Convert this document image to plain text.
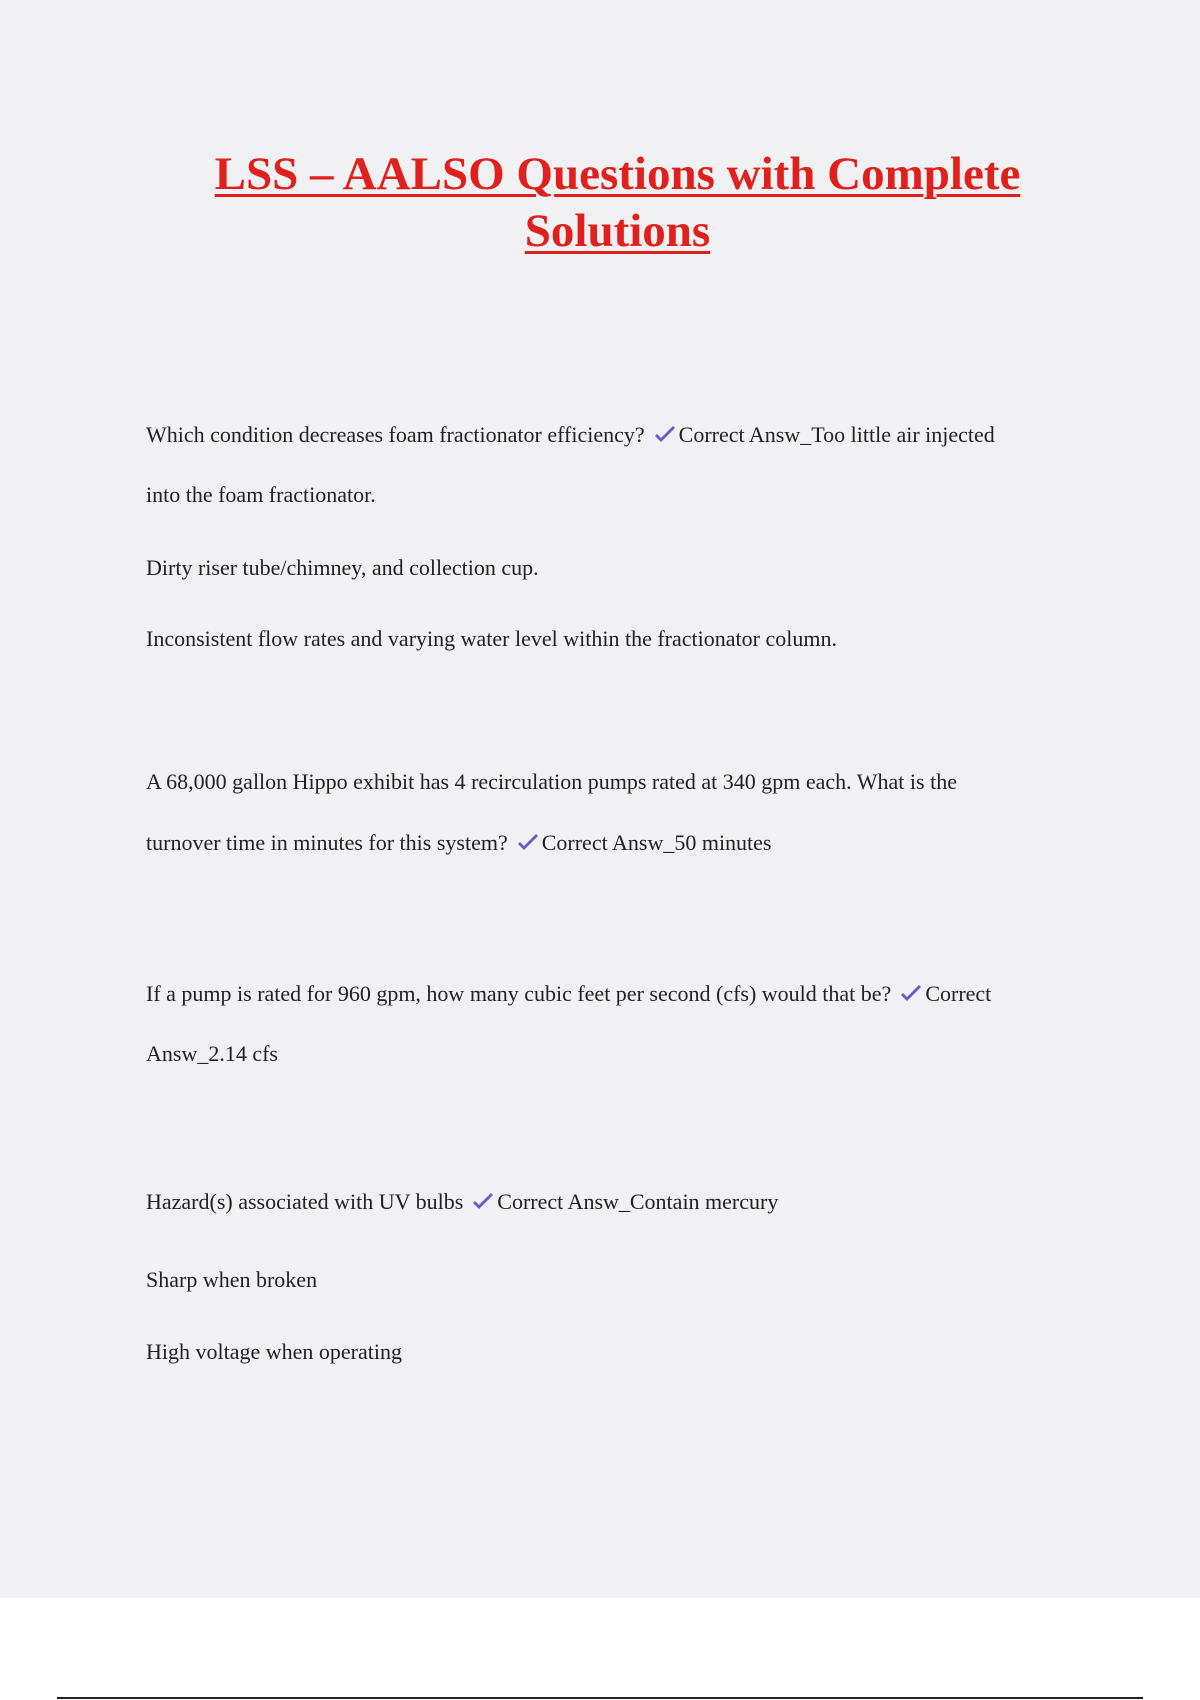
LSS – AALSO Questions with Complete
Solutions
Which condition decreases foam fractionator efficiency? Correct Answ_Too little air injected
into the foam fractionator.
Dirty riser tube/chimney, and collection cup.
Inconsistent flow rates and varying water level within the fractionator column.
A 68,000 gallon Hippo exhibit has 4 recirculation pumps rated at 340 gpm each. What is the
turnover time in minutes for this system? Correct Answ_50 minutes
If a pump is rated for 960 gpm, how many cubic feet per second (cfs) would that be? Correct
Answ_2.14 cfs
Hazard(s) associated with UV bulbs Correct Answ_Contain mercury
Sharp when broken
High voltage when operating
